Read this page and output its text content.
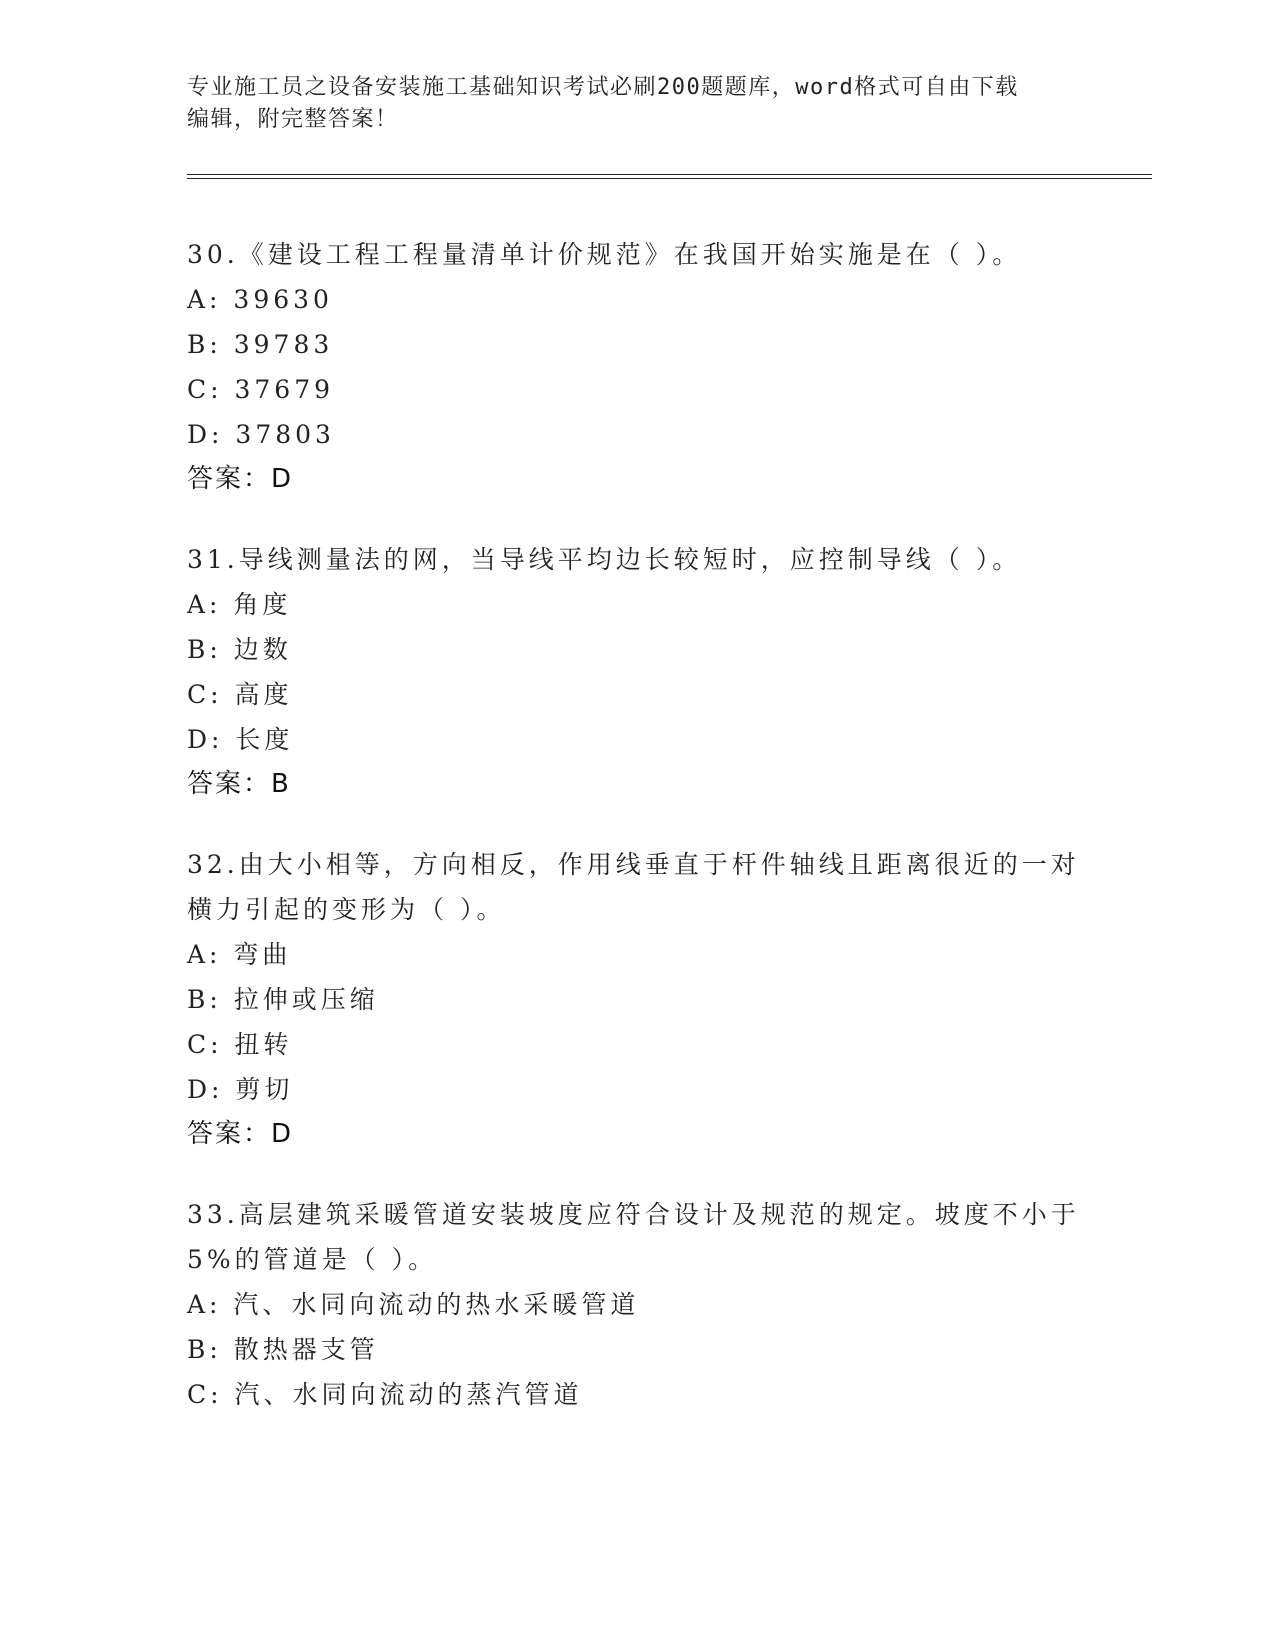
专业施工员之设备安装施工基础知识考试必刷200题题库，word格式可自由下载
编辑，附完整答案！
30.《建设工程工程量清单计价规范》在我国开始实施是在（ ）。
A: 39630
B: 39783
C: 37679
D: 37803
答案：D
31.导线测量法的网，当导线平均边长较短时，应控制导线（ ）。
A: 角度
B: 边数
C: 高度
D: 长度
答案：B
32.由大小相等，方向相反，作用线垂直于杆件轴线且距离很近的一对
横力引起的变形为（ ）。
A: 弯曲
B: 拉伸或压缩
C: 扭转
D: 剪切
答案：D
33.高层建筑采暖管道安装坡度应符合设计及规范的规定。坡度不小于
5%的管道是（ ）。
A: 汽、水同向流动的热水采暖管道
B: 散热器支管
C: 汽、水同向流动的蒸汽管道
